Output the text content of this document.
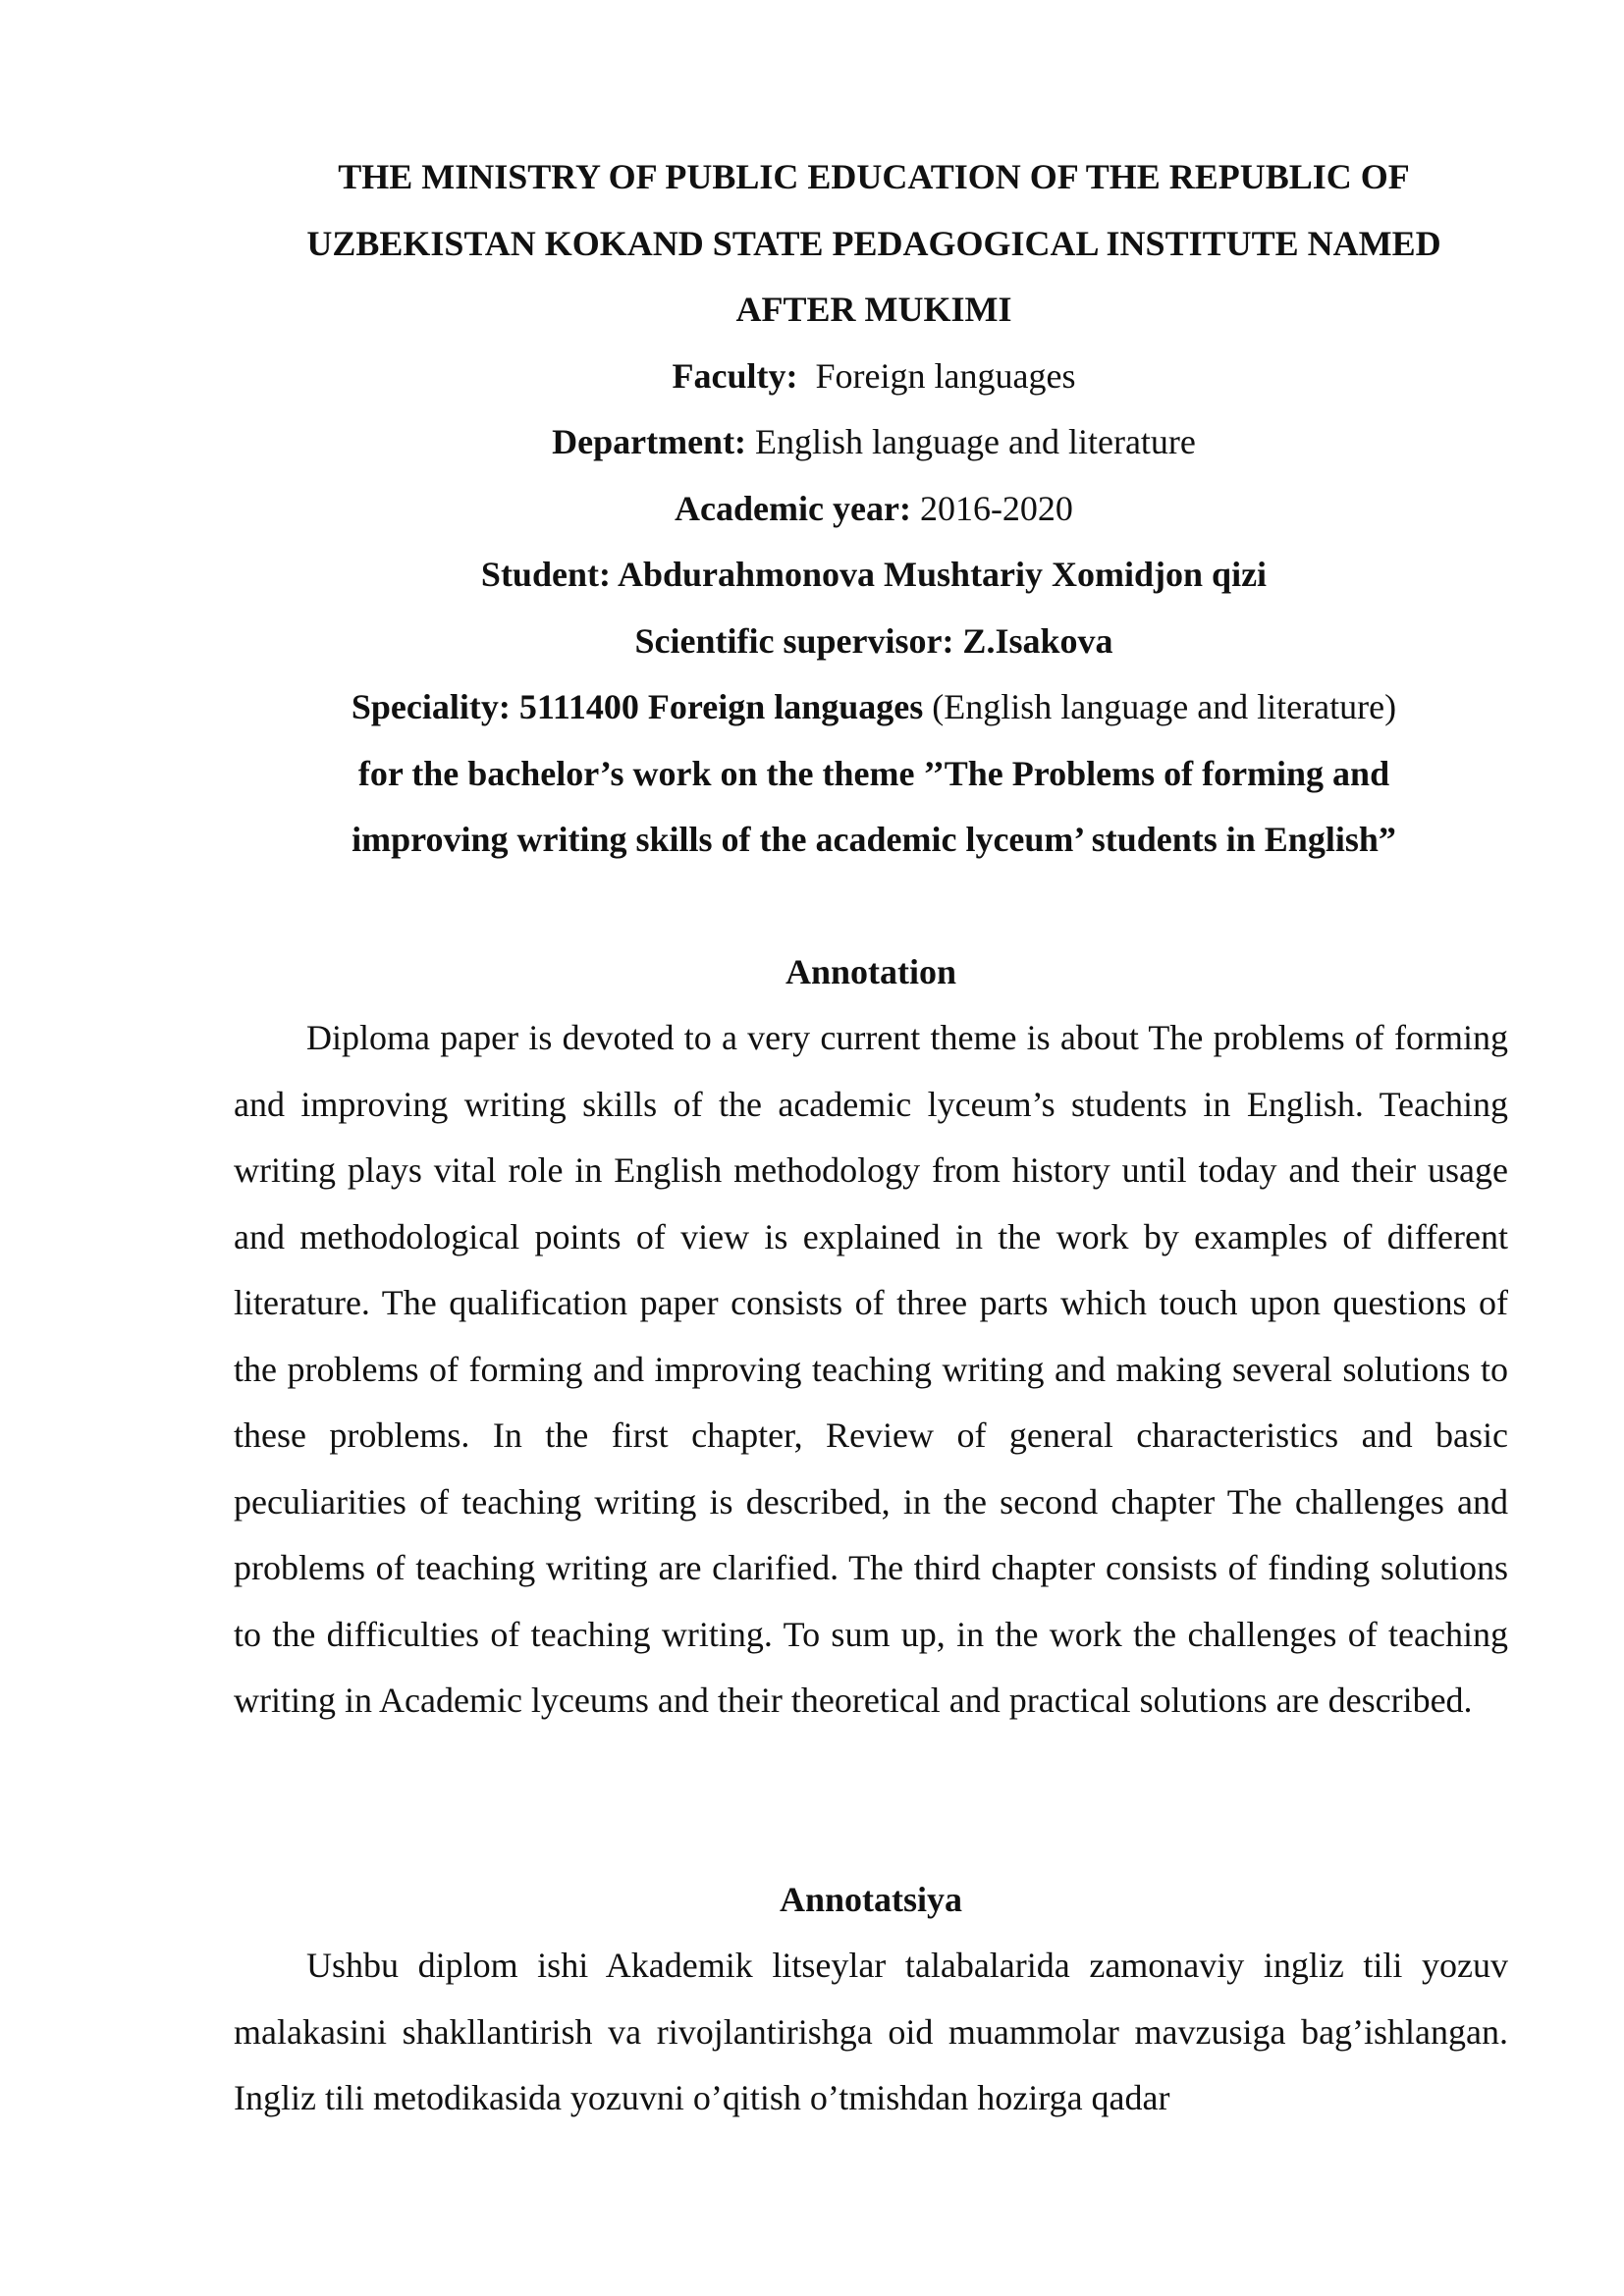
THE MINISTRY OF PUBLIC EDUCATION OF THE REPUBLIC OF

UZBEKISTAN KOKAND STATE PEDAGOGICAL INSTITUTE NAMED

AFTER MUKIMI

Faculty: Foreign languages

Department: English language and literature

Academic year: 2016-2020

Student: Abdurahmonova Mushtariy Xomidjon qizi

Scientific supervisor: Z.Isakova

Speciality: 5111400 Foreign languages (English language and literature)

for the bachelor’s work on the theme ’’The Problems of forming and

improving writing skills of the academic lyceum’ students in English”

Annotation

Diploma paper is devoted to a very current theme is about The problems of forming and improving writing skills of the academic lyceum’s students in English. Teaching writing plays vital role in English methodology from history until today and their usage and methodological points of view is explained in the work by examples of different literature. The qualification paper consists of three parts which touch upon questions of the problems of forming and improving teaching writing and making several solutions to these problems. In the first chapter, Review of general characteristics and basic peculiarities of teaching writing is described, in the second chapter The challenges and problems of teaching writing are clarified. The third chapter consists of finding solutions to the difficulties of teaching writing. To sum up, in the work the challenges of teaching writing in Academic lyceums and their theoretical and practical solutions are described.

Annotatsiya

Ushbu diplom ishi Akademik litseylar talabalarida zamonaviy ingliz tili yozuv malakasini shakllantirish va rivojlantirishga oid muammolar mavzusiga bag’ishlangan. Ingliz tili metodikasida yozuvni o’qitish o’tmishdan hozirga qadar
